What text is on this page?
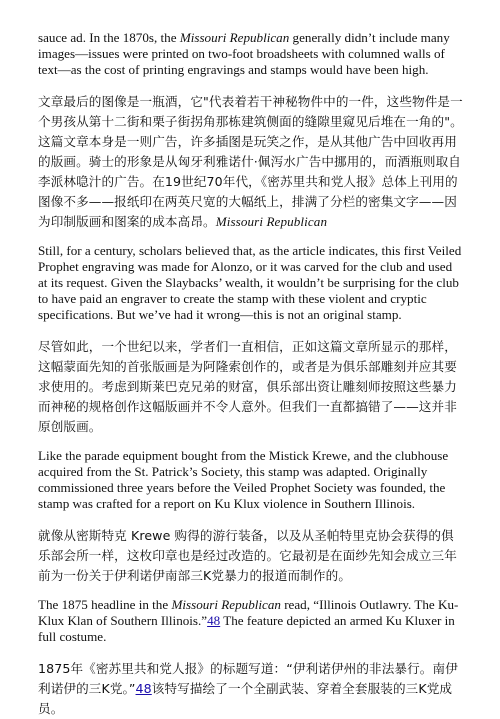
sauce ad. In the 1870s, the Missouri Republican generally didn’t include many images—issues were printed on two-foot broadsheets with columned walls of text—as the cost of printing engravings and stamps would have been high.

文章最后的图像是一瓶酒，它"代表着若干神秘物件中的一件，这些物件是一个男孩从第十二街和栗子街拐角那栋建筑侧面的缝隙里窥见后堆在一角的"。这篇文章本身是一则广告，许多插图是玩笑之作，是从其他广告中回收再用的版画。骑士的形象是从匈牙利雅诺什·佩泻水广告中挪用的，而酒瓶则取自李派林喼汁的广告。在19世纪70年代，《密苏里共和党人报》总体上刊用的图像不多——报纸印在两英尺宽的大幅纸上，排满了分栏的密集文字——因为印制版画和图案的成本高昂。Missouri Republican

Still, for a century, scholars believed that, as the article indicates, this first Veiled Prophet engraving was made for Alonzo, or it was carved for the club and used at its request. Given the Slaybacks’ wealth, it wouldn’t be surprising for the club to have paid an engraver to create the stamp with these violent and cryptic specifications. But we’ve had it wrong—this is not an original stamp.

尽管如此，一个世纪以来，学者们一直相信，正如这篇文章所显示的那样，这幅蒙面先知的首张版画是为阿隆索创作的，或者是为俱乐部雕刻并应其要求使用的。考虑到斯莱巴克兄弟的财富，俱乐部出资让雕刻师按照这些暴力而神秘的规格创作这幅版画并不令人意外。但我们一直都搞错了——这并非原创版画。

Like the parade equipment bought from the Mistick Krewe, and the clubhouse acquired from the St. Patrick’s Society, this stamp was adapted. Originally commissioned three years before the Veiled Prophet Society was founded, the stamp was crafted for a report on Ku Klux violence in Southern Illinois.

就像从密斯特克 Krewe 购得的游行装备，以及从圣帕特里克协会获得的俱乐部会所一样，这枚印章也是经过改造的。它最初是在面纱先知会成立三年前为一份关于伊利诺伊南部三K党暴力的报道而制作的。

The 1875 headline in the Missouri Republican read, “Illinois Outlawry. The Ku-Klux Klan of Southern Illinois.”48 The feature depicted an armed Ku Kluxer in full costume.

1875年《密苏里共和党人报》的标题写道：“伊利诺伊州的非法暴行。南伊利诺伊的三K党。”48该特写描绘了一个全副武装、穿着全套服装的三K党成员。
